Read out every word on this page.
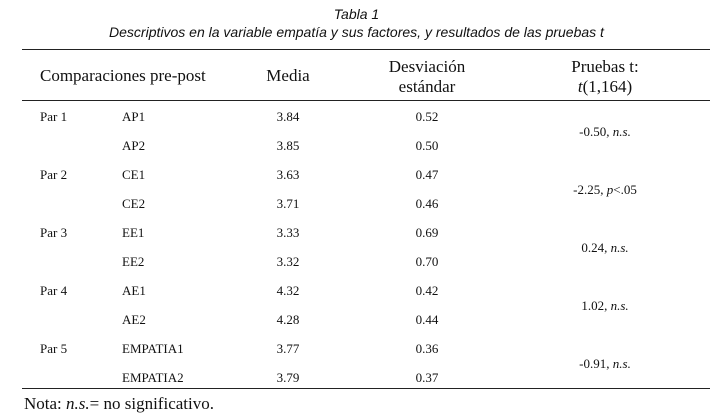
Tabla 1
Descriptivos en la variable empatía y sus factores, y resultados de las pruebas t
Comparaciones pre-post	Media	Desviación
estándar
Pruebas t:
t(1,164)
Par 1	AP1	3.84	0.52
AP2	3.85	0.50
-0.50, n.s.
Par 2	CE1	3.63	0.47
CE2	3.71	0.46
-2.25, p<.05
Par 3	EE1	3.33	0.69
EE2	3.32	0.70
0.24, n.s.
Par 4	AE1	4.32	0.42
AE2	4.28	0.44
1.02, n.s.
Par 5	EMPATIA1	3.77	0.36
EMPATIA2	3.79	0.37
-0.91, n.s.
Nota: n.s.= no significativo.
